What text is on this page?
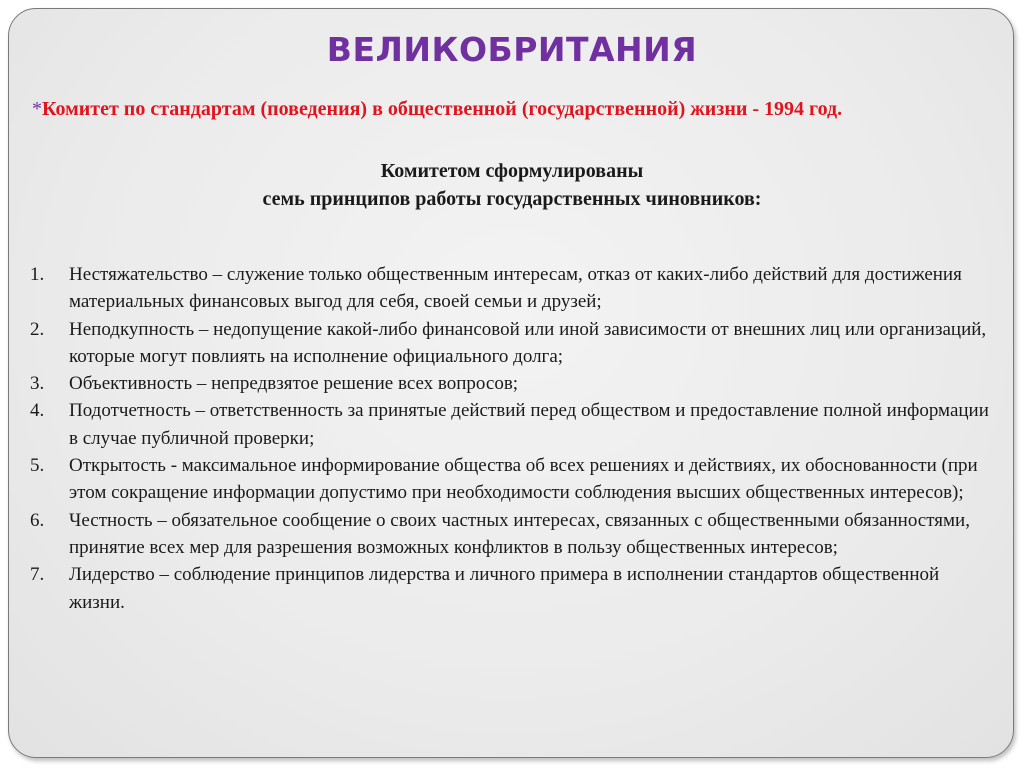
ВЕЛИКОБРИТАНИЯ
*Комитет по стандартам (поведения) в общественной (государственной) жизни - 1994 год.
Комитетом сформулированы
семь принципов работы государственных чиновников:
1. Нестяжательство – служение только общественным интересам, отказ от каких-либо действий для достижения материальных финансовых выгод для себя, своей семьи и друзей;
2. Неподкупность – недопущение какой-либо финансовой или иной зависимости от внешних лиц или организаций, которые могут повлиять на исполнение официального долга;
3. Объективность – непредвзятое решение всех вопросов;
4. Подотчетность – ответственность за принятые действий перед обществом и предоставление полной информации в случае публичной проверки;
5. Открытость - максимальное информирование общества об всех решениях и действиях, их обоснованности (при этом сокращение информации допустимо при необходимости соблюдения высших общественных интересов);
6. Честность – обязательное сообщение о своих частных интересах, связанных с общественными обязанностями, принятие всех мер для разрешения возможных конфликтов в пользу общественных интересов;
7. Лидерство – соблюдение принципов лидерства и личного примера в исполнении стандартов общественной жизни.
